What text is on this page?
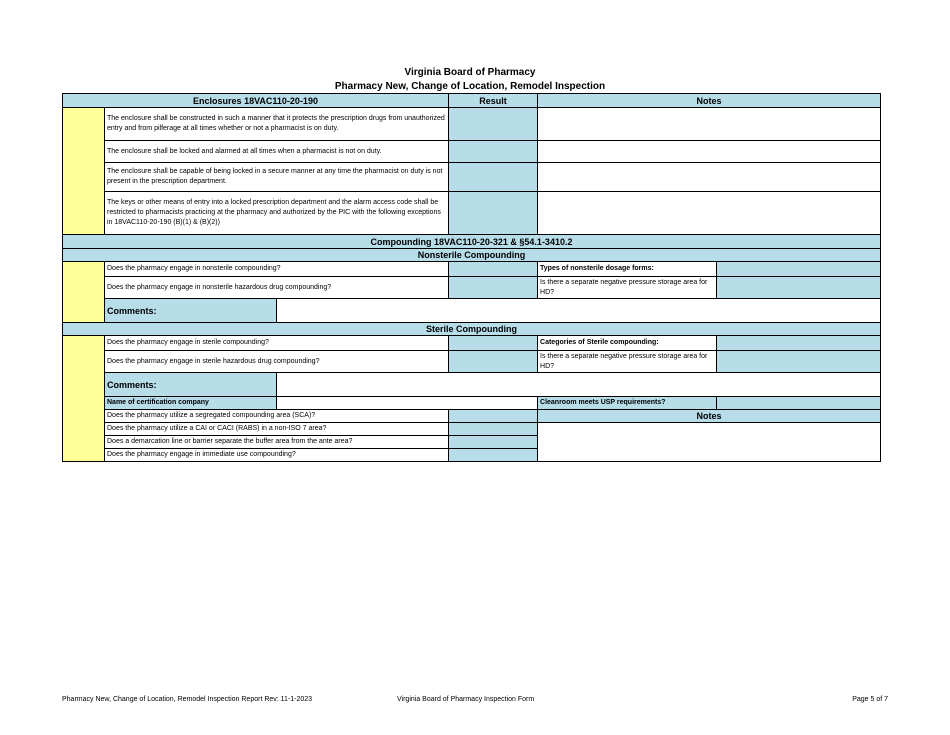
Virginia Board of Pharmacy
Pharmacy New, Change of Location, Remodel Inspection
Enclosures 18VAC110-20-190			Result	Notes	
	The enclosure shall be constructed in such a manner that it protects the prescription drugs from unauthorized entry and from pilferage at all times whether or not a pharmacist is on duty.				
	The enclosure shall be locked and alarmed at all times when a pharmacist is not on duty.				
	The enclosure shall be capable of being locked in a secure manner at any time the pharmacist on duty is not present in the prescription department.				
	The keys or other means of entry into a locked prescription department and the alarm access code shall be restricted to pharmacists practicing at the pharmacy and authorized by the PIC with the following exceptions in 18VAC110-20-190 (B)(1) & (B)(2))				
Compounding 18VAC110-20-321 & §54.1-3410.2					
Nonsterile Compounding					
	Does the pharmacy engage in nonsterile compounding?			Types of nonsterile dosage forms:	
	Does the pharmacy engage in nonsterile hazardous drug compounding?			Is there a separate negative pressure storage area for HD?	
	Comments:				
Sterile Compounding					
	Does the pharmacy engage in sterile compounding?			Categories of Sterile compounding:	
	Does the pharmacy engage in sterile hazardous drug compounding?			Is there a separate negative pressure storage area for HD?	
	Comments:				
	Name of certification company			Cleanroom meets USP requirements?	
	Does the pharmacy utilize a segregated compounding area (SCA)?			Notes	
	Does the pharmacy utilize a CAI or CACI (RABS) in a non-ISO 7 area?				
	Does a demarcation line or barrier separate the buffer area from the ante area?				
	Does the pharmacy engage in immediate use compounding?				
Pharmacy New, Change of Location, Remodel Inspection Report Rev: 11-1-2023	Virginia Board of Pharmacy Inspection Form	Page 5 of 7
